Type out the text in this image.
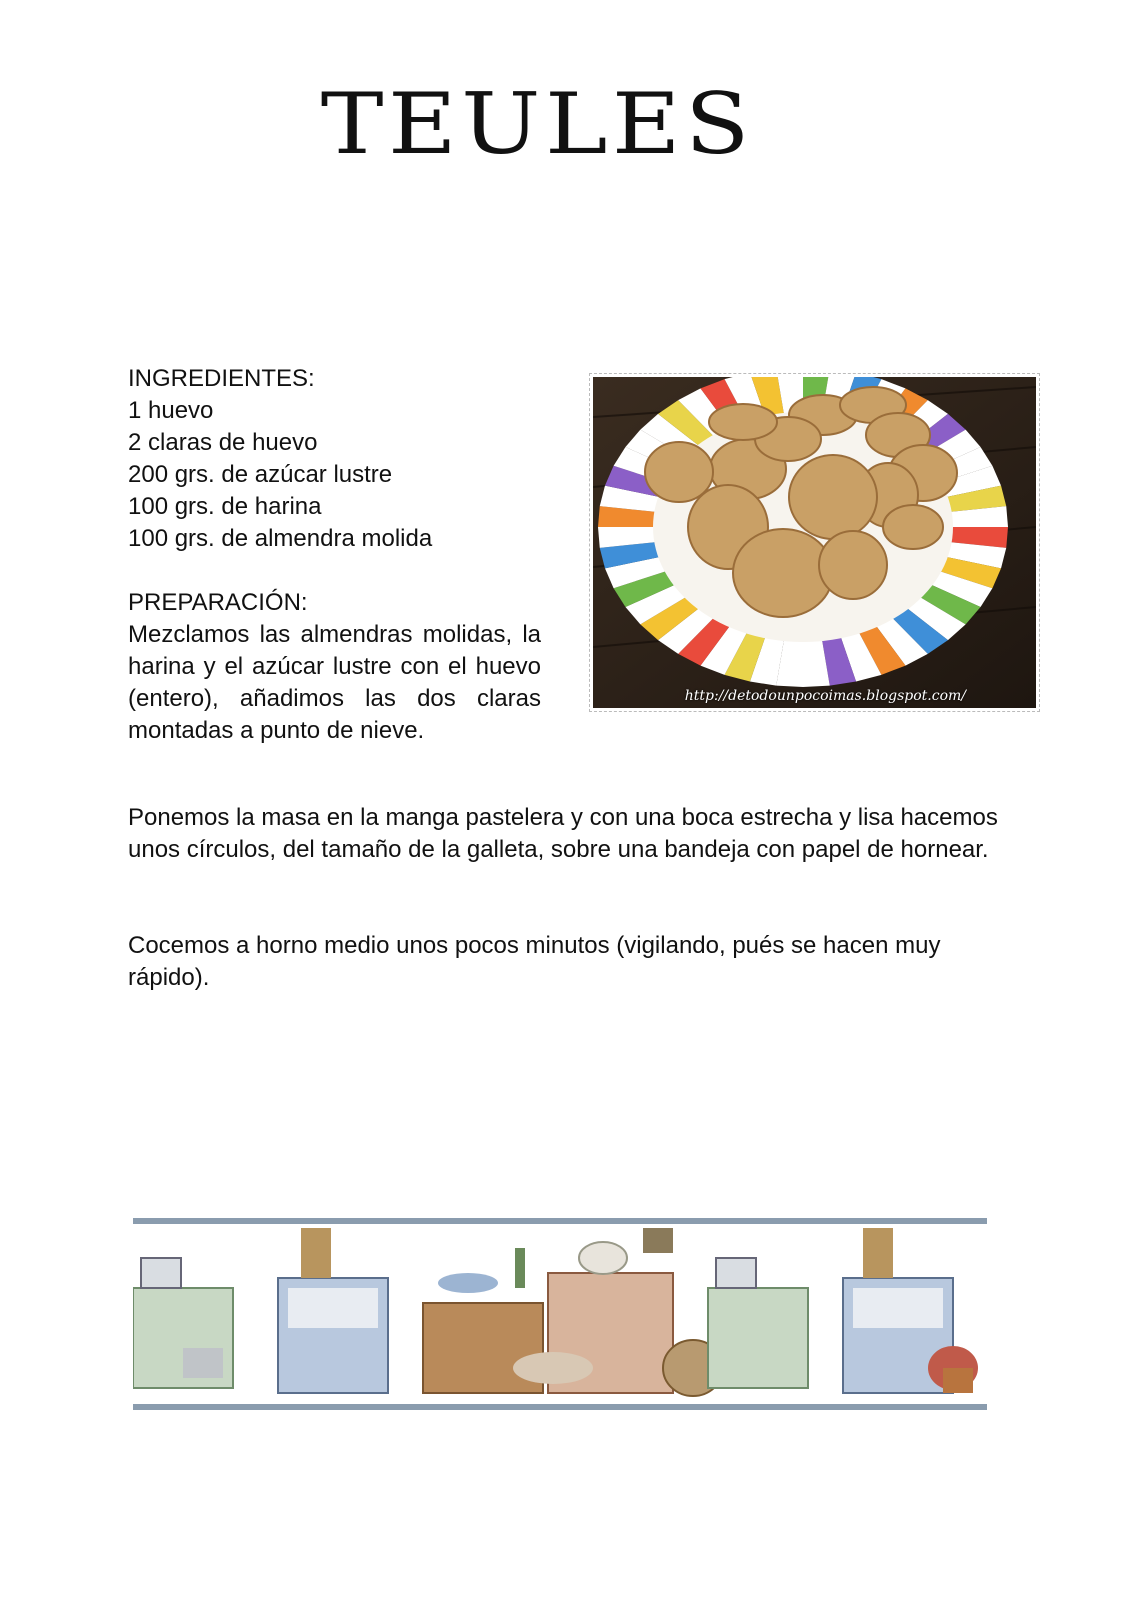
TEULES
INGREDIENTES:
1 huevo
2 claras de huevo
200 grs. de azúcar lustre
100 grs. de harina
100 grs. de almendra molida
PREPARACIÓN:
Mezclamos las almendras molidas, la harina y el azúcar lustre con el huevo (entero), añadimos las dos claras montadas a punto de nieve.
Ponemos la masa en la manga pastelera y con una boca estrecha y lisa hacemos unos círculos, del tamaño de la galleta, sobre una bandeja con papel de hornear.
Cocemos a horno medio unos pocos minutos (vigilando, pués se hacen muy rápido).
http://detodounpocoimas.blogspot.com/
